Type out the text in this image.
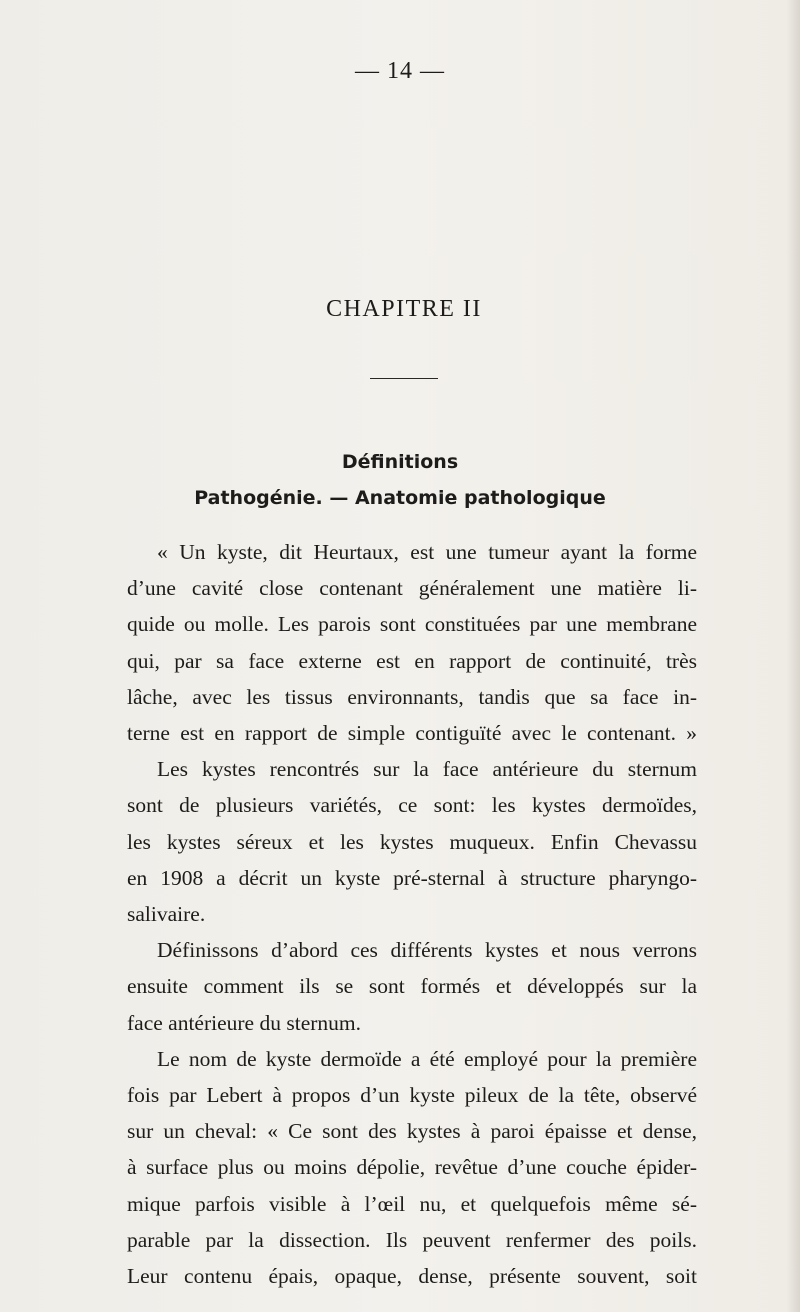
— 14 —
CHAPITRE II
Définitions
Pathogénie. — Anatomie pathologique
« Un kyste, dit Heurtaux, est une tumeur ayant la forme
d’une cavité close contenant généralement une matière li-
quide ou molle. Les parois sont constituées par une membrane
qui, par sa face externe est en rapport de continuité, très
lâche, avec les tissus environnants, tandis que sa face in-
terne est en rapport de simple contiguïté avec le contenant. »
Les kystes rencontrés sur la face antérieure du sternum
sont de plusieurs variétés, ce sont: les kystes dermoïdes,
les kystes séreux et les kystes muqueux. Enfin Chevassu
en 1908 a décrit un kyste pré-sternal à structure pharyngo-
salivaire.
Définissons d’abord ces différents kystes et nous verrons
ensuite comment ils se sont formés et développés sur la
face antérieure du sternum.
Le nom de kyste dermoïde a été employé pour la première
fois par Lebert à propos d’un kyste pileux de la tête, observé
sur un cheval: « Ce sont des kystes à paroi épaisse et dense,
à surface plus ou moins dépolie, revêtue d’une couche épider-
mique parfois visible à l’œil nu, et quelquefois même sé-
parable par la dissection. Ils peuvent renfermer des poils.
Leur contenu épais, opaque, dense, présente souvent, soit
